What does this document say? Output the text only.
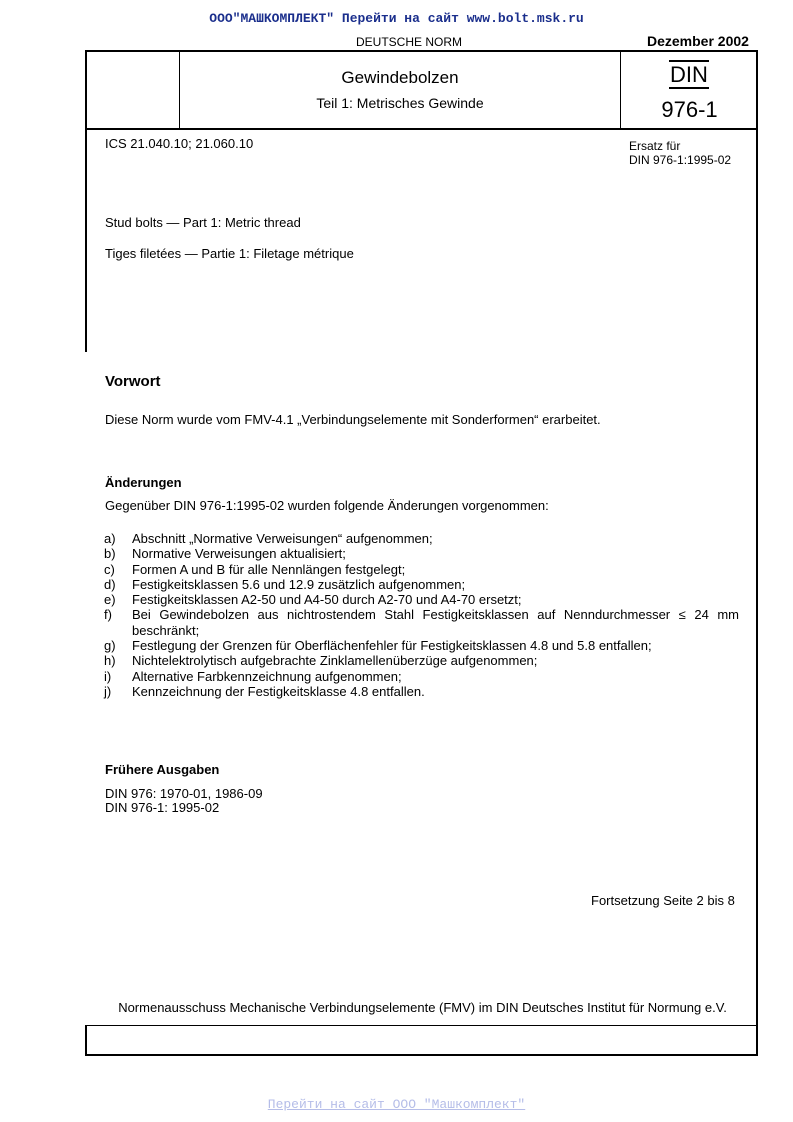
ООО"МАШКОМПЛЕКТ" Перейти на сайт www.bolt.msk.ru
DEUTSCHE NORM	Dezember 2002
Gewindebolzen
Teil 1: Metrisches Gewinde
DIN
976-1
ICS 21.040.10; 21.060.10	Ersatz für
DIN 976-1:1995-02
Stud bolts — Part 1: Metric thread
Tiges filetées — Partie 1: Filetage métrique
Vorwort
Diese Norm wurde vom FMV-4.1 „Verbindungselemente mit Sonderformen“ erarbeitet.
Änderungen
Gegenüber DIN 976-1:1995-02 wurden folgende Änderungen vorgenommen:
a) Abschnitt „Normative Verweisungen“ aufgenommen;
b) Normative Verweisungen aktualisiert;
c) Formen A und B für alle Nennlängen festgelegt;
d) Festigkeitsklassen 5.6 und 12.9 zusätzlich aufgenommen;
e) Festigkeitsklassen A2-50 und A4-50 durch A2-70 und A4-70 ersetzt;
f) Bei Gewindebolzen aus nichtrostendem Stahl Festigkeitsklassen auf Nenndurchmesser ≤ 24 mm beschränkt;
g) Festlegung der Grenzen für Oberflächenfehler für Festigkeitsklassen 4.8 und 5.8 entfallen;
h) Nichtelektrolytisch aufgebrachte Zinklamellenüberzüge aufgenommen;
i) Alternative Farbkennzeichnung aufgenommen;
j) Kennzeichnung der Festigkeitsklasse 4.8 entfallen.
Frühere Ausgaben
DIN 976: 1970-01, 1986-09
DIN 976-1: 1995-02
Fortsetzung Seite 2 bis 8
Normenausschuss Mechanische Verbindungselemente (FMV) im DIN Deutsches Institut für Normung e.V.
Перейти на сайт ООО "Машкомплект"
